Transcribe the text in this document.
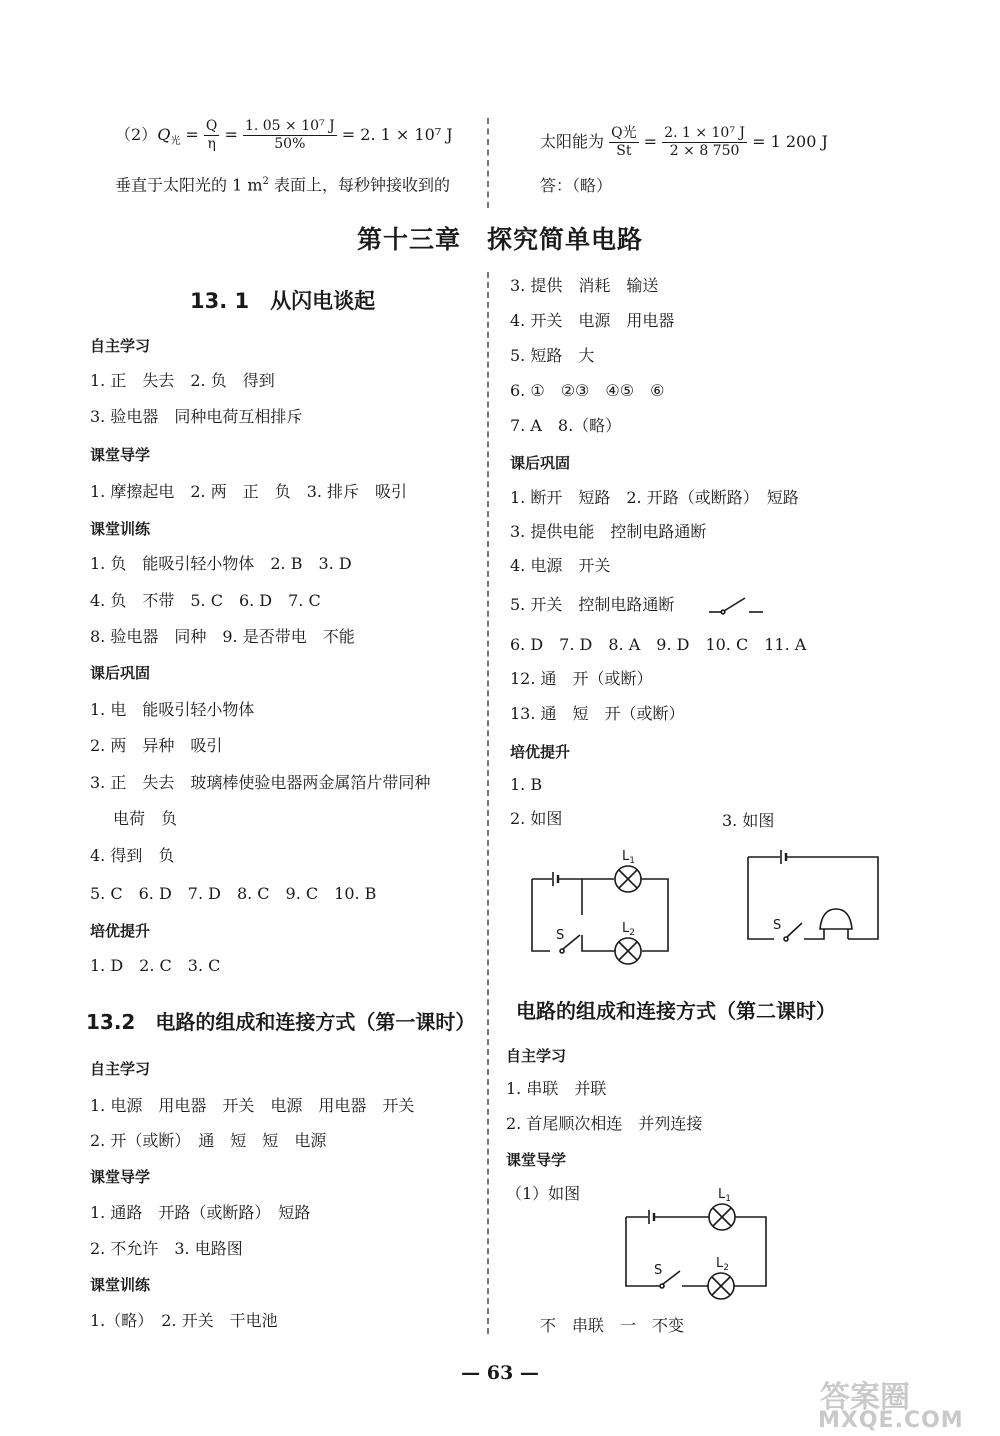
$(2)Q_光 = \frac{Q}{\eta} = \frac{\text{1. 05 × 10⁷ J}}{50\%} = 2$. 1 × 10⁷ J
垂直于太阳光的 1 $m^2$ 表面上，每秒钟接收到的
太阳能为 $\frac{\text{Q光}}{St} = \frac{\text{2. 1 × 10⁷ J}}{2 \times 8 750} = 1$ 200 J
答：（略）
第十三章　探究简单电路
13. 1　从闪电谈起
自主学习
1. 正　失去　2. 负　得到
3. 验电器　同种电荷互相排斥
课堂导学
1. 摩擦起电　2. 两　正　负　3. 排斥　吸引
课堂训练
1. 负　能吸引轻小物体　2. B　3. D
4. 负　不带　5. C　6. D　7. C
8. 验电器　同种　9. 是否带电　不能
课后巩固
1. 电　能吸引轻小物体
2. 两　异种　吸引
3. 正　失去　玻璃棒使验电器两金属箔片带同种
电荷　负
4. 得到　负
5. C　6. D　7. D　8. C　9. C　10. B
培优提升
1. D　2. C　3. C
13.2　电路的组成和连接方式（第一课时）
自主学习
1. 电源　用电器　开关　电源　用电器　开关
2. 开（或断）　通　短　短　电源
课堂导学
1. 通路　开路（或断路）　短路
2. 不允许　3. 电路图
课堂训练
1.（略）　2. 开关　干电池
3. 提供　消耗　输送
4. 开关　电源　用电器
5. 短路　大
6. ①　②③　④⑤　⑥
7. A　8.（略）
课后巩固
1. 断开　短路　2. 开路（或断路）　短路
3. 提供电能　控制电路通断
4. 电源　开关
5. 开关　控制电路通断
6. D　7. D　8. A　9. D　10. C　11. A
12. 通　开（或断）
13. 通　短　开（或断）
培优提升
1. B
2. 如图	3. 如图
$L_1$
$L_2$
S
S
电路的组成和连接方式（第二课时）
自主学习
1. 串联　并联
2. 首尾顺次相连　并列连接
课堂导学
（1）如图	$L_1$
$L_2$
S
不　串联　一　不变
— 63 —
答案圈
MXQE.COM
